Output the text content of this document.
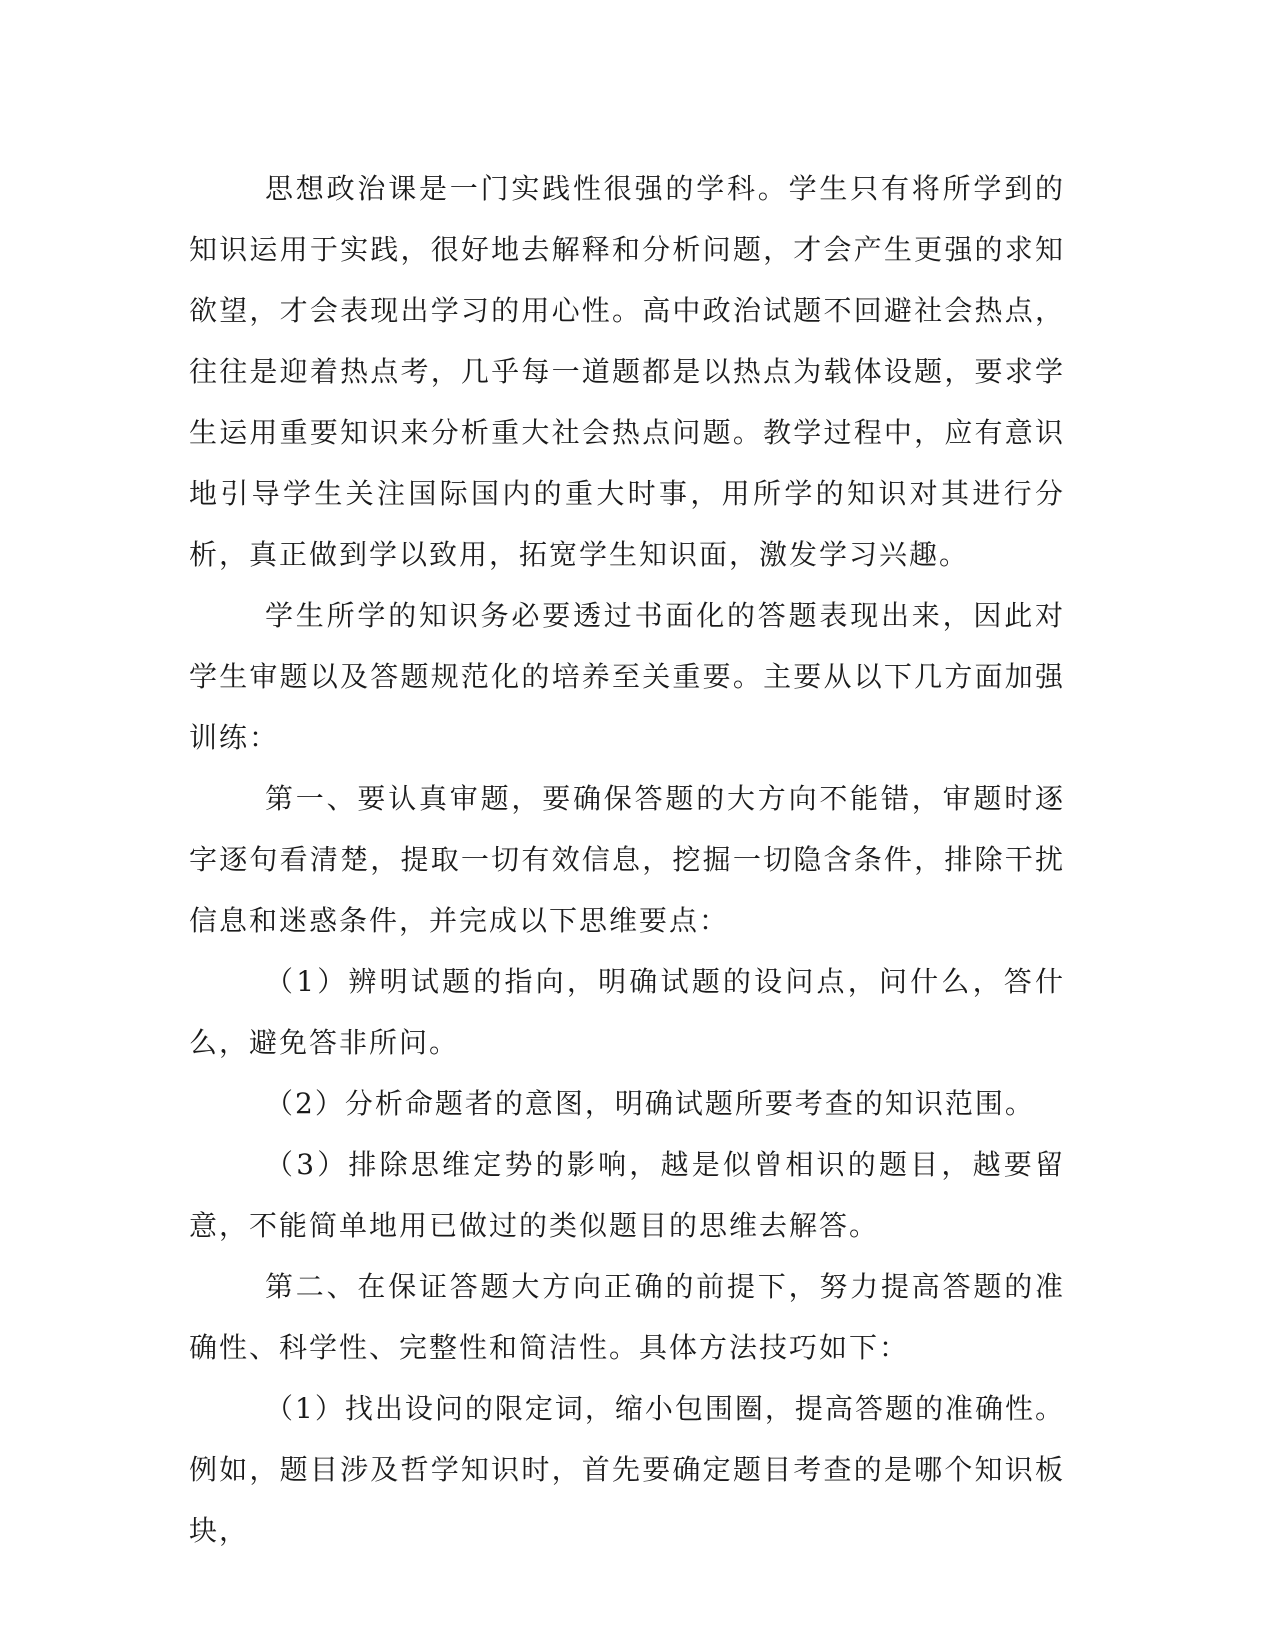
思想政治课是一门实践性很强的学科。学生只有将所学到的知识运用于实践，很好地去解释和分析问题，才会产生更强的求知欲望，才会表现出学习的用心性。高中政治试题不回避社会热点，往往是迎着热点考，几乎每一道题都是以热点为载体设题，要求学生运用重要知识来分析重大社会热点问题。教学过程中，应有意识地引导学生关注国际国内的重大时事，用所学的知识对其进行分析，真正做到学以致用，拓宽学生知识面，激发学习兴趣。

学生所学的知识务必要透过书面化的答题表现出来，因此对学生审题以及答题规范化的培养至关重要。主要从以下几方面加强训练：

第一、要认真审题，要确保答题的大方向不能错，审题时逐字逐句看清楚，提取一切有效信息，挖掘一切隐含条件，排除干扰信息和迷惑条件，并完成以下思维要点：

（1）辨明试题的指向，明确试题的设问点，问什么，答什么，避免答非所问。

（2）分析命题者的意图，明确试题所要考查的知识范围。

（3）排除思维定势的影响，越是似曾相识的题目，越要留意，不能简单地用已做过的类似题目的思维去解答。

第二、在保证答题大方向正确的前提下，努力提高答题的准确性、科学性、完整性和简洁性。具体方法技巧如下：

（1）找出设问的限定词，缩小包围圈，提高答题的准确性。例如，题目涉及哲学知识时，首先要确定题目考查的是哪个知识板块，
